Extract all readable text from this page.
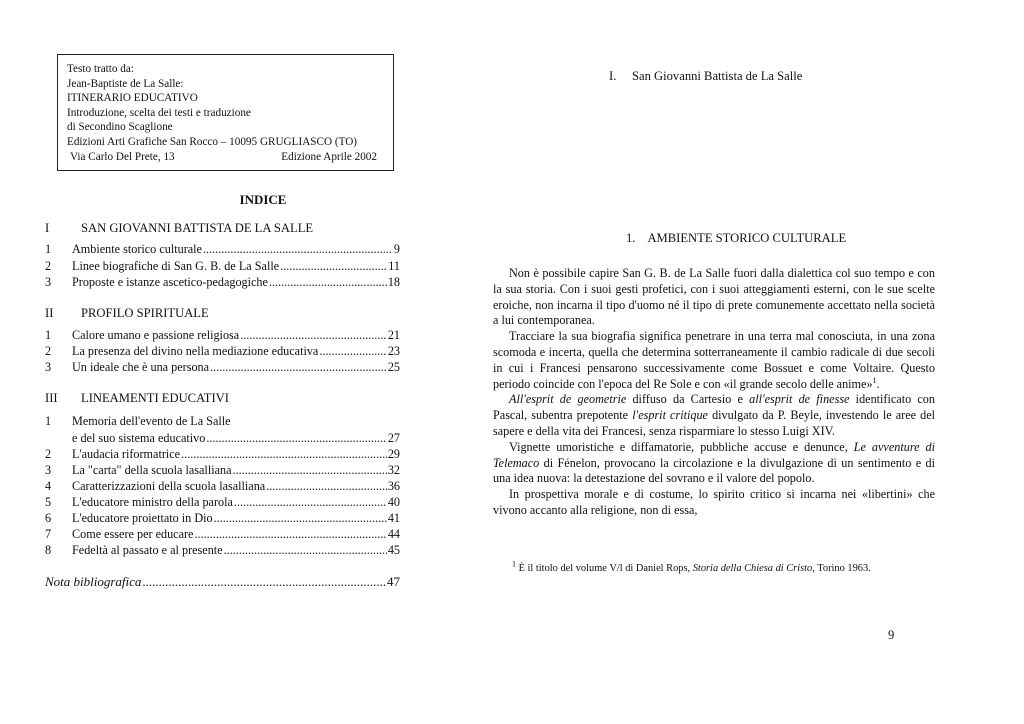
Testo tratto da:
Jean-Baptiste de La Salle:
ITINERARIO EDUCATIVO
Introduzione, scelta dei testi e traduzione
di Secondino Scaglione
Edizioni Arti Grafiche San Rocco – 10095 GRUGLIASCO (TO)
Via Carlo Del Prete, 13	Edizione Aprile 2002
INDICE
I	SAN GIOVANNI BATTISTA DE LA SALLE
1 Ambiente storico culturale .....	9
2 Linee biografiche di San G. B. de La Salle .....	11
3 Proposte e istanze ascetico-pedagogiche .....	18
II PROFILO SPIRITUALE
1 Calore umano e passione religiosa .....	21
2 La presenza del divino nella mediazione educativa .....	23
3 Un ideale che è una persona .....	25
III LINEAMENTI EDUCATIVI
1 Memoria dell'evento de La Salle
e del suo sistema educativo .....	27
2 L'audacia riformatrice .....	29
3 La "carta" della scuola lasalliana .....	32
4 Caratterizzazioni della scuola lasalliana .....	36
5 L'educatore ministro della parola .....	40
6 L'educatore proiettato in Dio .....	41
7 Come essere per educare .....	44
8 Fedeltà al passato e al presente .....	45
Nota bibliografica .....	47
I. San Giovanni Battista de La Salle
1. AMBIENTE STORICO CULTURALE

Non è possibile capire San G. B. de La Salle fuori dalla dialettica col suo tempo e con la sua storia. Con i suoi gesti profetici, con i suoi atteggiamenti esterni, con le sue scelte eroiche, non incarna il tipo d'uomo né il tipo di prete comunemente accettato nella società a lui contemporanea.

Tracciare la sua biografia significa penetrare in una terra mal conosciuta, in una zona scomoda e incerta, quella che determina sotterraneamente il cambio radicale di due secoli in cui i Francesi pensarono successivamente come Bossuet e come Voltaire. Questo periodo coincide con l'epoca del Re Sole e con «il grande secolo delle anime»$^1$.

All'esprit de geometrie diffuso da Cartesio e all'esprit de finesse identificato con Pascal, subentra prepotente l'esprit critique divulgato da P. Beyle, investendo le aree del sapere e della vita dei Francesi, senza risparmiare lo stesso Luigi XIV.

Vignette umoristiche e diffamatorie, pubbliche accuse e denunce, Le avventure di Telemaco di Fénelon, provocano la circolazione e la divulgazione di un sentimento e di una idea nuova: la detestazione del sovrano e il valore del popolo.

In prospettiva morale e di costume, lo spirito critico si incarna nei «libertini» che vivono accanto alla religione, non di essa,

$^1$ È il titolo del volume V/l di Daniel Rops, Storia della Chiesa di Cristo, Torino 1963.
9
